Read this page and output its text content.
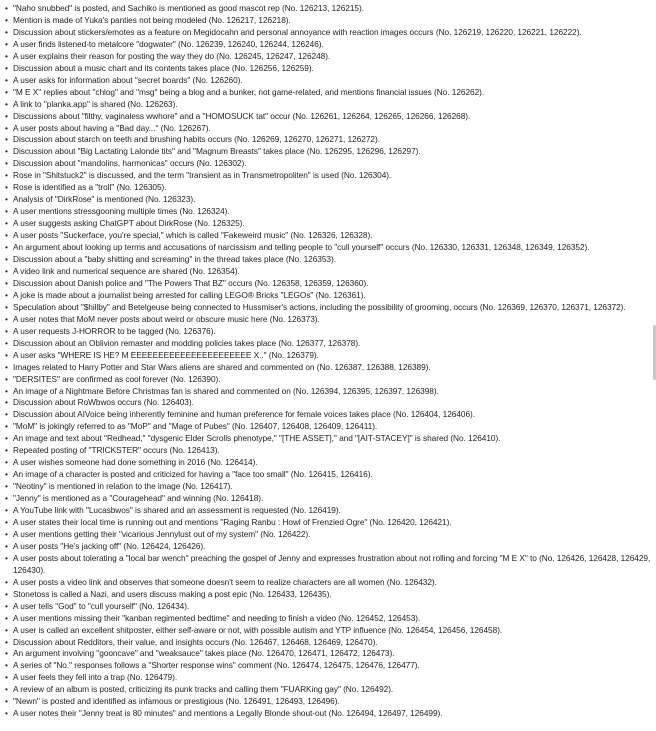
• "Naho snubbed" is posted, and Sachiko is mentioned as good mascot rep (No. 126213, 126215).
• Mention is made of Yuka's panties not being modeled (No. 126217, 126218).
• Discussion about stickers/emotes as a feature on Megidocahn and personal annoyance with reaction images occurs (No. 126219, 126220, 126221, 126222).
• A user finds listened-to metalcore "dogwater" (No. 126239, 126240, 126244, 126246).
• A user explains their reason for posting the way they do (No. 126245, 126247, 126248).
• Discussion about a music chart and its contents takes place (No. 126256, 126259).
• A user asks for information about "secret boards" (No. 126260).
• "M E X" replies about "chlog" and "msg" being a blog and a bunker, not game-related, and mentions financial issues (No. 126262).
• A link to "planka.app" is shared (No. 126263).
• Discussions about "filthy, vaginaless wwhore" and a "HOMOSUCK tat" occur (No. 126261, 126264, 126265, 126266, 126268).
• A user posts about having a "Bad day..." (No. 126267).
• Discussion about starch on teeth and brushing habits occurs (No. 126269, 126270, 126271, 126272).
• Discussion about "Big Lactating Lalonde tits" and "Magnum Breasts" takes place (No. 126295, 126296, 126297).
• Discussion about "mandolins, harmonicas" occurs (No. 126302).
• Rose in "Shitstuck2" is discussed, and the term "transient as in Transmetropoliten" is used (No. 126304).
• Rose is identified as a "troll" (No. 126305).
• Analysis of "DirkRose" is mentioned (No. 126323).
• A user mentions stressgooning multiple times (No. 126324).
• A user suggests asking ChatGPT about DirkRose (No. 126325).
• A user posts "Suckerface, you're special," which is called "Fakeweird music" (No. 126326, 126328).
• An argument about looking up terms and accusations of narcissism and telling people to "cull yourself" occurs (No. 126330, 126331, 126348, 126349, 126352).
• Discussion about a "baby shitting and screaming" in the thread takes place (No. 126353).
• A video link and numerical sequence are shared (No. 126354).
• Discussion about Danish police and "The Powers That BZ" occurs (No. 126358, 126359, 126360).
• A joke is made about a journalist being arrested for calling LEGO® Bricks "LEGOs" (No. 126361).
• Speculation about "$hillby" and Betelgeuse being connected to Hussmiser's actions, including the possibility of grooming, occurs (No. 126369, 126370, 126371, 126372).
• A user notes that MoM never posts about weird or obscure music here (No. 126373).
• A user requests J-HORROR to be tagged (No. 126376).
• Discussion about an Oblivion remaster and modding policies takes place (No. 126377, 126378).
• A user asks "WHERE IS HE? M EEEEEEEEEEEEEEEEEEEEEE X.." (No. 126379).
• Images related to Harry Potter and Star Wars aliens are shared and commented on (No. 126387, 126388, 126389).
• "DERSITES" are confirmed as cool forever (No. 126390).
• An image of a Nightmare Before Christmas fan is shared and commented on (No. 126394, 126395, 126397, 126398).
• Discussion about RoWbwos occurs (No. 126403).
• Discussion about AIVoice being inherently feminine and human preference for female voices takes place (No. 126404, 126406).
• "MoM" is jokingly referred to as "MoP" and "Mage of Pubes" (No. 126407, 126408, 126409, 126411).
• An image and text about "Redhead," "dysgenic Elder Scrolls phenotype," "[THE ASSET]," and "[AIT-STACEY]" is shared (No. 126410).
• Repeated posting of "TRICKSTER" occurs (No. 126413).
• A user wishes someone had done something in 2016 (No. 126414).
• An image of a character is posted and criticized for having a "face too small" (No. 126415, 126416).
• "Neotiny" is mentioned in relation to the image (No. 126417).
• "Jenny" is mentioned as a "Couragehead" and winning (No. 126418).
• A YouTube link with "Lucasbwos" is shared and an assessment is requested (No. 126419).
• A user states their local time is running out and mentions "Raging Ranbu : Howl of Frenzied Ogre" (No. 126420, 126421).
• A user mentions getting their "vicarious Jennylust out of my system" (No. 126422).
• A user posts "He's jacking off" (No. 126424, 126426).
• A user posts about tolerating a "local bar wench" preaching the gospel of Jenny and expresses frustration about not rolling and forcing "M E X" to (No. 126426, 126428, 126429, 126430).
• A user posts a video link and observes that someone doesn't seem to realize characters are all women (No. 126432).
• Stonetoss is called a Nazi, and users discuss making a post epic (No. 126433, 126435).
• A user tells "God" to "cull yourself" (No. 126434).
• A user mentions missing their "kanban regimented bedtime" and needing to finish a video (No. 126452, 126453).
• A user is called an excellent shitposter, either self-aware or not, with possible autism and YTP influence (No. 126454, 126456, 126458).
• Discussion about Redditors, their value, and insights occurs (No. 126467, 126468, 126469, 126470).
• An argument involving "gooncave" and "weaksauce" takes place (No. 126470, 126471, 126472, 126473).
• A series of "No." responses follows a "Shorter response wins" comment (No. 126474, 126475, 126476, 126477).
• A user feels they fell into a trap (No. 126479).
• A review of an album is posted, criticizing its punk tracks and calling them "FUARKing gay" (No. 126492).
• "Newn" is posted and identified as infamous or prestigious (No. 126491, 126493, 126496).
• A user notes their "Jenny treat is 80 minutes" and mentions a Legally Blonde shout-out (No. 126494, 126497, 126499).
